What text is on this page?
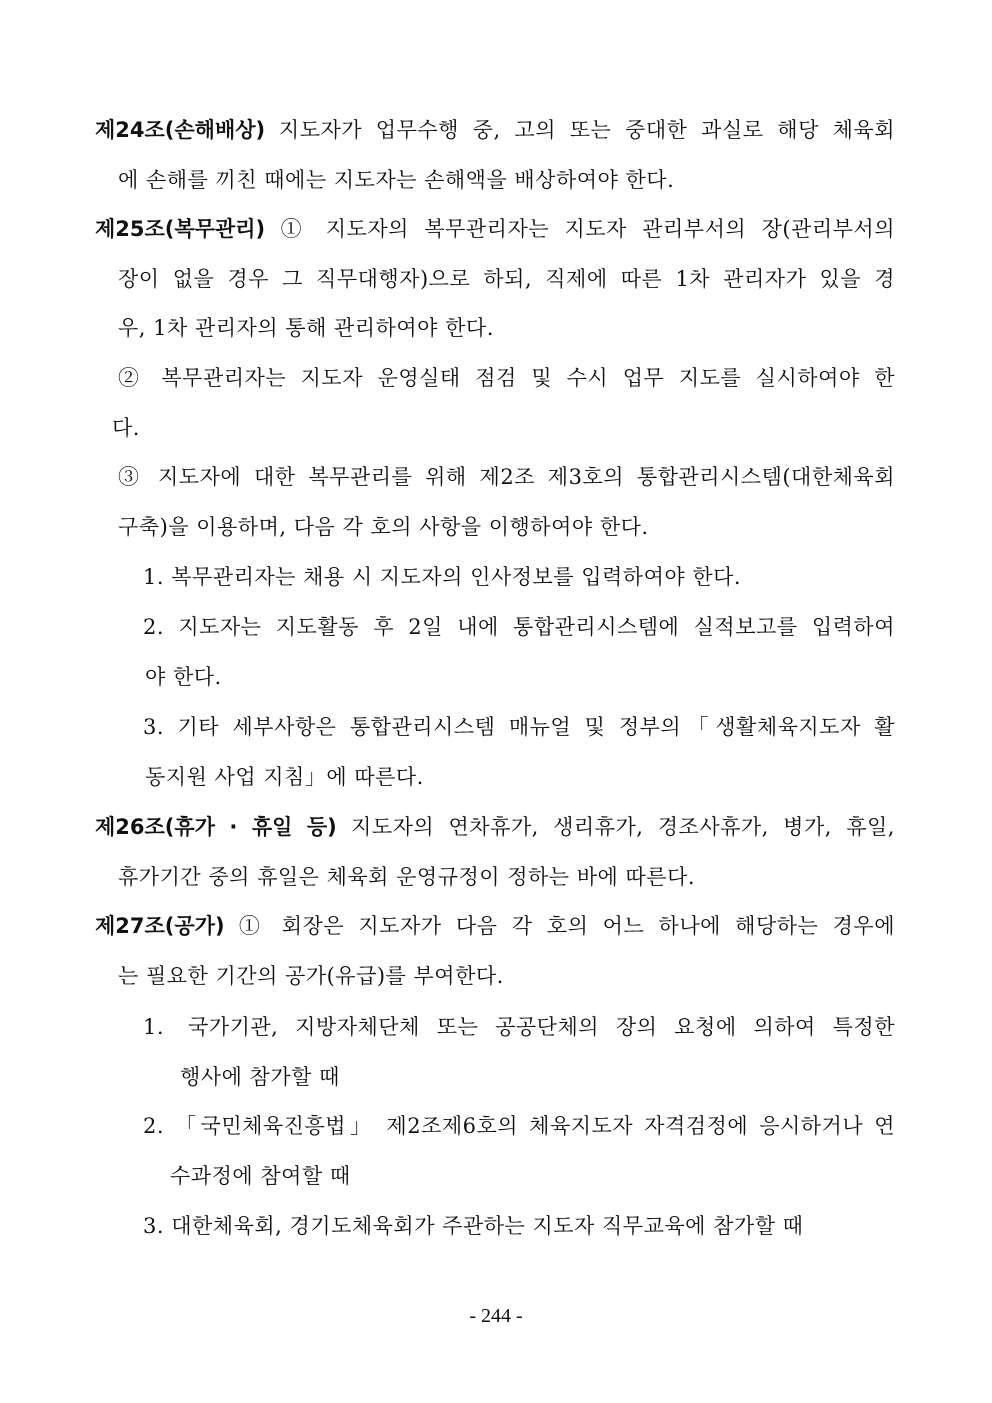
제24조(손해배상) 지도자가 업무수행 중, 고의 또는 중대한 과실로 해당 체육회
에 손해를 끼친 때에는 지도자는 손해액을 배상하여야 한다.
제25조(복무관리) ① 지도자의 복무관리자는 지도자 관리부서의 장(관리부서의
장이 없을 경우 그 직무대행자)으로 하되, 직제에 따른 1차 관리자가 있을 경
우, 1차 관리자의 통해 관리하여야 한다.
② 복무관리자는 지도자 운영실태 점검 및 수시 업무 지도를 실시하여야 한
다.
③ 지도자에 대한 복무관리를 위해 제2조 제3호의 통합관리시스템(대한체육회
구축)을 이용하며, 다음 각 호의 사항을 이행하여야 한다.
1. 복무관리자는 채용 시 지도자의 인사정보를 입력하여야 한다.
2. 지도자는 지도활동 후 2일 내에 통합관리시스템에 실적보고를 입력하여
야 한다.
3. 기타 세부사항은 통합관리시스템 매뉴얼 및 정부의「생활체육지도자 활
동지원 사업 지침」에 따른다.
제26조(휴가 · 휴일 등) 지도자의 연차휴가, 생리휴가, 경조사휴가, 병가, 휴일,
휴가기간 중의 휴일은 체육회 운영규정이 정하는 바에 따른다.
제27조(공가) ① 회장은 지도자가 다음 각 호의 어느 하나에 해당하는 경우에
는 필요한 기간의 공가(유급)를 부여한다.
1. 국가기관, 지방자체단체 또는 공공단체의 장의 요청에 의하여 특정한
행사에 참가할 때
2. 「국민체육진흥법」 제2조제6호의 체육지도자 자격검정에 응시하거나 연
수과정에 참여할 때
3. 대한체육회, 경기도체육회가 주관하는 지도자 직무교육에 참가할 때
- 244 -
